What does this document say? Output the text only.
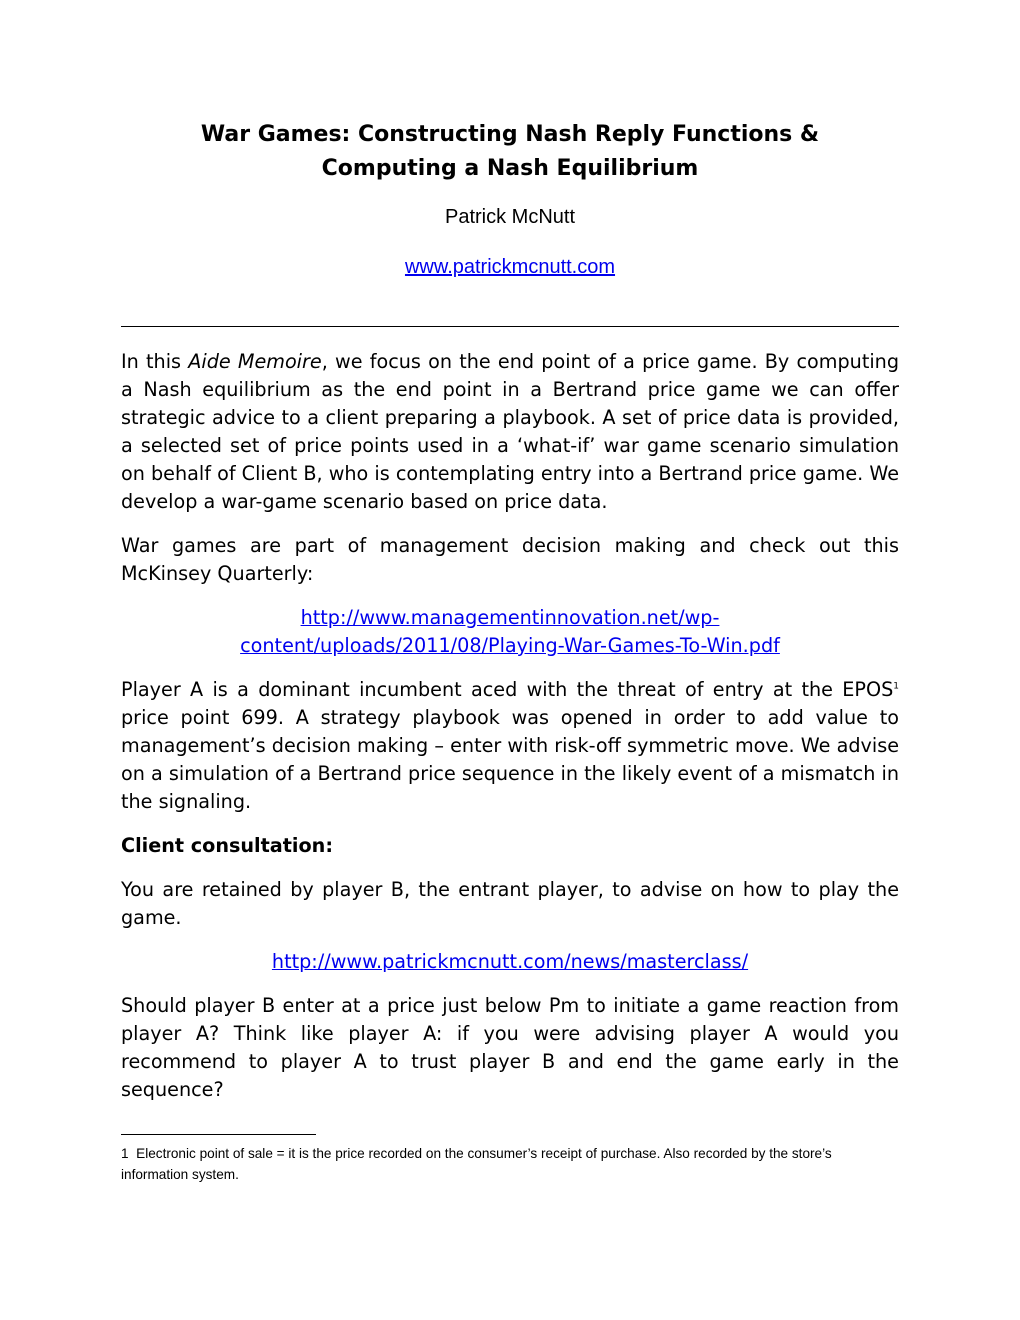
War Games: Constructing Nash Reply Functions &
Computing a Nash Equilibrium
Patrick McNutt
www.patrickmcnutt.com

In this Aide Memoire, we focus on the end point of a price game. By computing a Nash equilibrium as the end point in a Bertrand price game we can offer strategic advice to a client preparing a playbook. A set of price data is provided, a selected set of price points used in a ‘what-if’ war game scenario simulation on behalf of Client B, who is contemplating entry into a Bertrand price game. We develop a war-game scenario based on price data.

War games are part of management decision making and check out this McKinsey Quarterly:

http://www.managementinnovation.net/wp-
content/uploads/2011/08/Playing-War-Games-To-Win.pdf

Player A is a dominant incumbent aced with the threat of entry at the EPOS$^1$ price point 699. A strategy playbook was opened in order to add value to management’s decision making – enter with risk-off symmetric move. We advise on a simulation of a Bertrand price sequence in the likely event of a mismatch in the signaling.

Client consultation:

You are retained by player B, the entrant player, to advise on how to play the game.

http://www.patrickmcnutt.com/news/masterclass/

Should player B enter at a price just below Pm to initiate a game reaction from player A? Think like player A: if you were advising player A would you recommend to player A to trust player B and end the game early in the sequence?

1 Electronic point of sale = it is the price recorded on the consumer’s receipt of purchase. Also recorded by the store’s information system.
